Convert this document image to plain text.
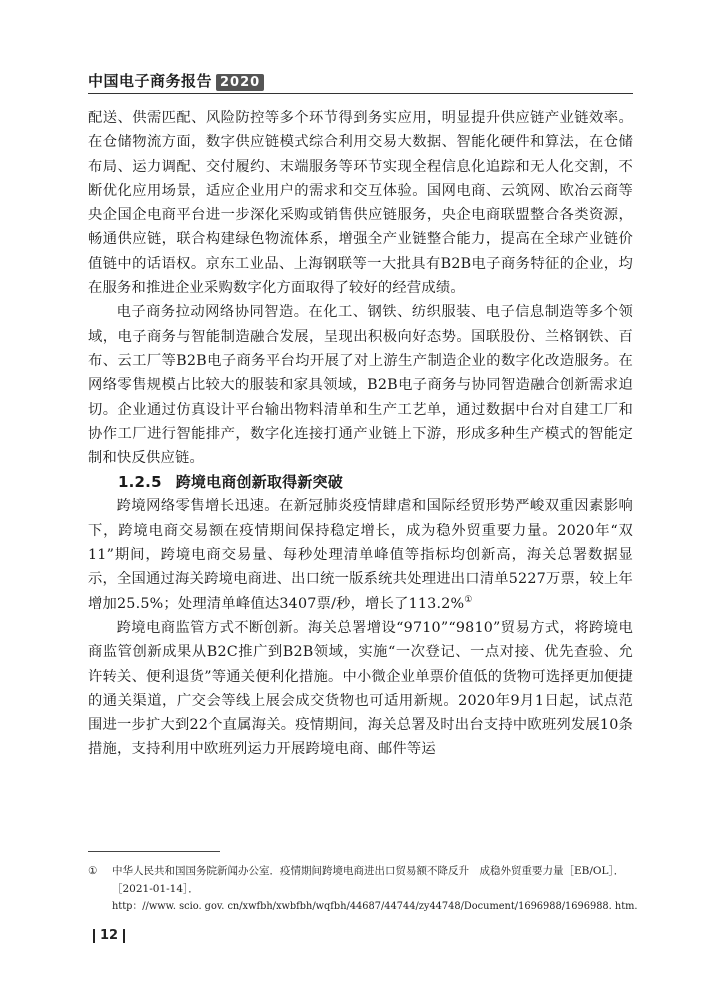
中国电子商务报告 2020

配送、供需匹配、风险防控等多个环节得到务实应用，明显提升供应链产业链效率。在仓储物流方面，数字供应链模式综合利用交易大数据、智能化硬件和算法，在仓储布局、运力调配、交付履约、末端服务等环节实现全程信息化追踪和无人化交割，不断优化应用场景，适应企业用户的需求和交互体验。国网电商、云筑网、欧冶云商等央企国企电商平台进一步深化采购或销售供应链服务，央企电商联盟整合各类资源，畅通供应链，联合构建绿色物流体系，增强全产业链整合能力，提高在全球产业链价值链中的话语权。京东工业品、上海钢联等一大批具有B2B电子商务特征的企业，均在服务和推进企业采购数字化方面取得了较好的经营成绩。

电子商务拉动网络协同智造。在化工、钢铁、纺织服装、电子信息制造等多个领域，电子商务与智能制造融合发展，呈现出积极向好态势。国联股份、兰格钢铁、百布、云工厂等B2B电子商务平台均开展了对上游生产制造企业的数字化改造服务。在网络零售规模占比较大的服装和家具领域，B2B电子商务与协同智造融合创新需求迫切。企业通过仿真设计平台输出物料清单和生产工艺单，通过数据中台对自建工厂和协作工厂进行智能排产，数字化连接打通产业链上下游，形成多种生产模式的智能定制和快反供应链。

1.2.5 跨境电商创新取得新突破

跨境网络零售增长迅速。在新冠肺炎疫情肆虐和国际经贸形势严峻双重因素影响下，跨境电商交易额在疫情期间保持稳定增长，成为稳外贸重要力量。2020年“双11”期间，跨境电商交易量、每秒处理清单峰值等指标均创新高，海关总署数据显示，全国通过海关跨境电商进、出口统一版系统共处理进出口清单5227万票，较上年增加25.5%；处理清单峰值达3407票/秒，增长了113.2%①

跨境电商监管方式不断创新。海关总署增设“9710”“9810”贸易方式，将跨境电商监管创新成果从B2C推广到B2B领域，实施“一次登记、一点对接、优先查验、允许转关、便利退货”等通关便利化措施。中小微企业单票价值低的货物可选择更加便捷的通关渠道，广交会等线上展会成交货物也可适用新规。2020年9月1日起，试点范围进一步扩大到22个直属海关。疫情期间，海关总署及时出台支持中欧班列发展10条措施，支持利用中欧班列运力开展跨境电商、邮件等运

① 中华人民共和国国务院新闻办公室．疫情期间跨境电商进出口贸易额不降反升　成稳外贸重要力量［EB/OL］．［2021-01-14］．
http：//www. scio. gov. cn/xwfbh/xwbfbh/wqfbh/44687/44744/zy44748/Document/1696988/1696988. htm.
12
